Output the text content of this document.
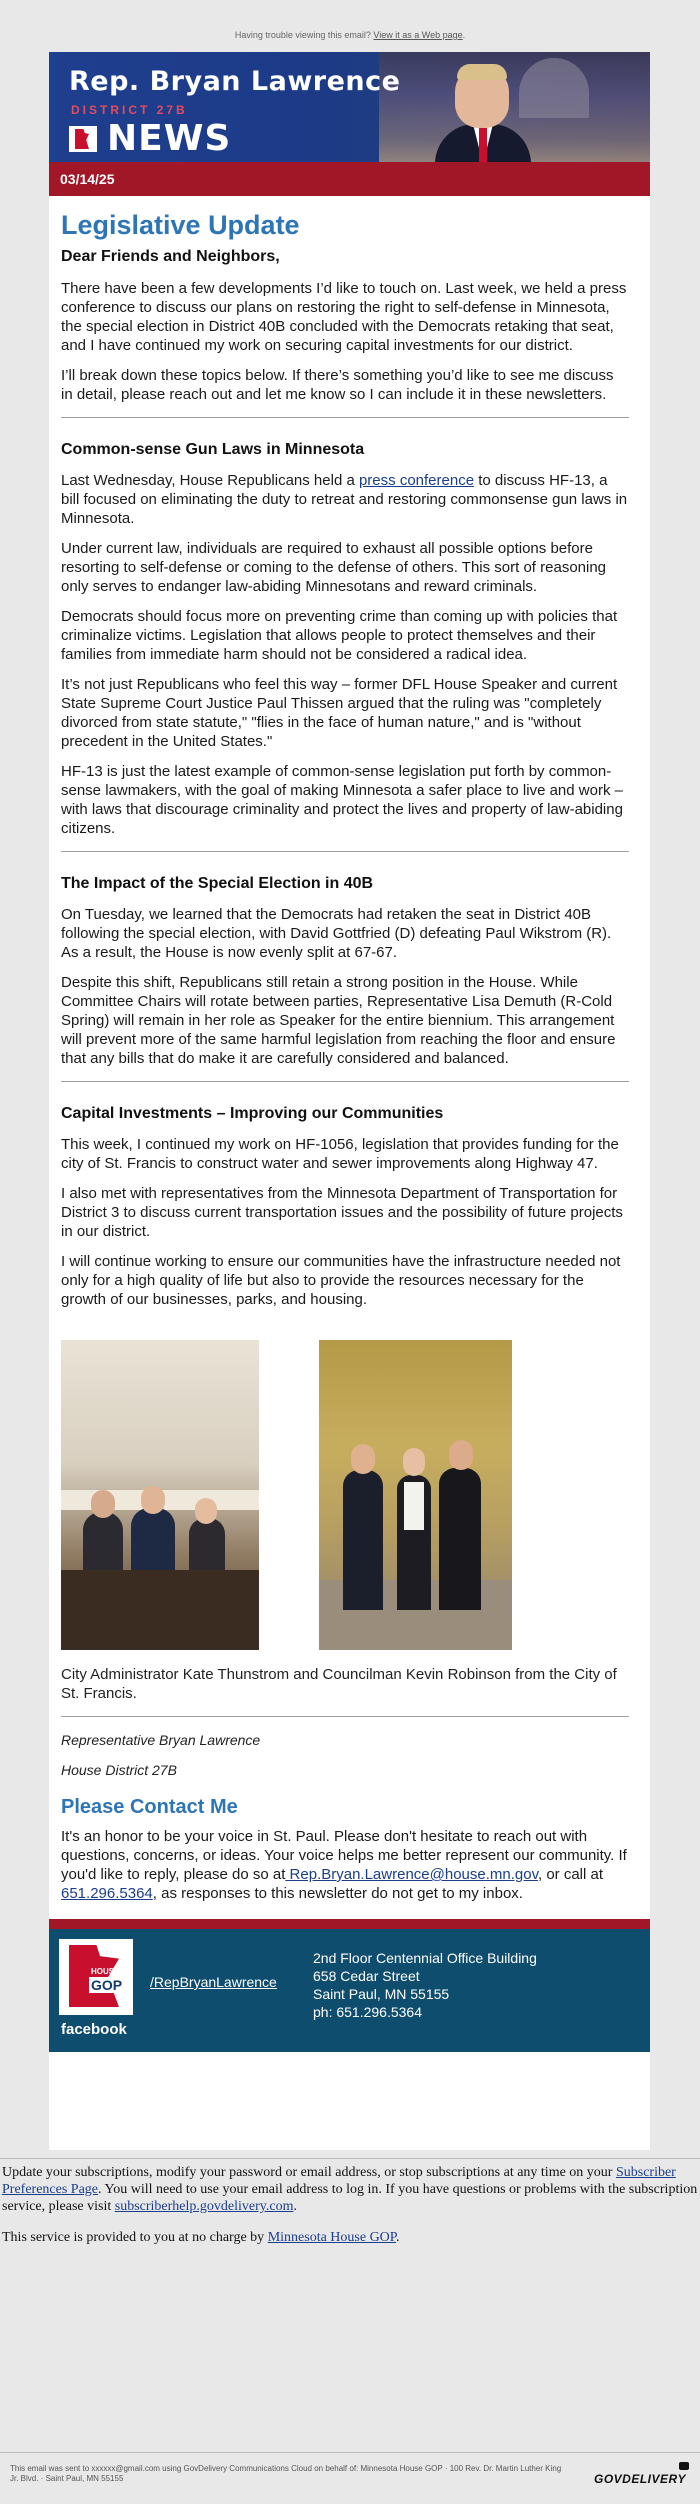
Having trouble viewing this email? View it as a Web page.
Rep. Bryan Lawrence
DISTRICT 27B
NEWS
03/14/25
Legislative Update
Dear Friends and Neighbors,

There have been a few developments I’d like to touch on. Last week, we held a press conference to discuss our plans on restoring the right to self-defense in Minnesota, the special election in District 40B concluded with the Democrats retaking that seat, and I have continued my work on securing capital investments for our district.

I’ll break down these topics below. If there’s something you’d like to see me discuss in detail, please reach out and let me know so I can include it in these newsletters.

Common-sense Gun Laws in Minnesota

Last Wednesday, House Republicans held a press conference to discuss HF-13, a bill focused on eliminating the duty to retreat and restoring commonsense gun laws in Minnesota.

Under current law, individuals are required to exhaust all possible options before resorting to self-defense or coming to the defense of others. This sort of reasoning only serves to endanger law-abiding Minnesotans and reward criminals.

Democrats should focus more on preventing crime than coming up with policies that criminalize victims. Legislation that allows people to protect themselves and their families from immediate harm should not be considered a radical idea.

It’s not just Republicans who feel this way – former DFL House Speaker and current State Supreme Court Justice Paul Thissen argued that the ruling was "completely divorced from state statute," "flies in the face of human nature," and is "without precedent in the United States."

HF-13 is just the latest example of common-sense legislation put forth by common-sense lawmakers, with the goal of making Minnesota a safer place to live and work – with laws that discourage criminality and protect the lives and property of law-abiding citizens.

The Impact of the Special Election in 40B

On Tuesday, we learned that the Democrats had retaken the seat in District 40B following the special election, with David Gottfried (D) defeating Paul Wikstrom (R). As a result, the House is now evenly split at 67-67.

Despite this shift, Republicans still retain a strong position in the House. While Committee Chairs will rotate between parties, Representative Lisa Demuth (R-Cold Spring) will remain in her role as Speaker for the entire biennium. This arrangement will prevent more of the same harmful legislation from reaching the floor and ensure that any bills that do make it are carefully considered and balanced.

Capital Investments – Improving our Communities

This week, I continued my work on HF-1056, legislation that provides funding for the city of St. Francis to construct water and sewer improvements along Highway 47.

I also met with representatives from the Minnesota Department of Transportation for District 3 to discuss current transportation issues and the possibility of future projects in our district.

I will continue working to ensure our communities have the infrastructure needed not only for a high quality of life but also to provide the resources necessary for the growth of our businesses, parks, and housing.

City Administrator Kate Thunstrom and Councilman Kevin Robinson from the City of St. Francis.

Representative Bryan Lawrence
House District 27B
Please Contact Me

It's an honor to be your voice in St. Paul. Please don't hesitate to reach out with questions, concerns, or ideas. Your voice helps me better represent our community. If you'd like to reply, please do so at Rep.Bryan.Lawrence@house.mn.gov, or call at 651.296.5364, as responses to this newsletter do not get to my inbox.

HOUSE
GOP
facebook
/RepBryanLawrence
2nd Floor Centennial Office Building
658 Cedar Street
Saint Paul, MN 55155
ph: 651.296.5364

Update your subscriptions, modify your password or email address, or stop subscriptions at any time on your Subscriber Preferences Page. You will need to use your email address to log in. If you have questions or problems with the subscription service, please visit subscriberhelp.govdelivery.com.

This service is provided to you at no charge by Minnesota House GOP.

This email was sent to xxxxxx@gmail.com using GovDelivery Communications Cloud on behalf of: Minnesota House GOP · 100 Rev. Dr. Martin Luther King Jr. Blvd. · Saint Paul, MN 55155	GOVDELIVERY
